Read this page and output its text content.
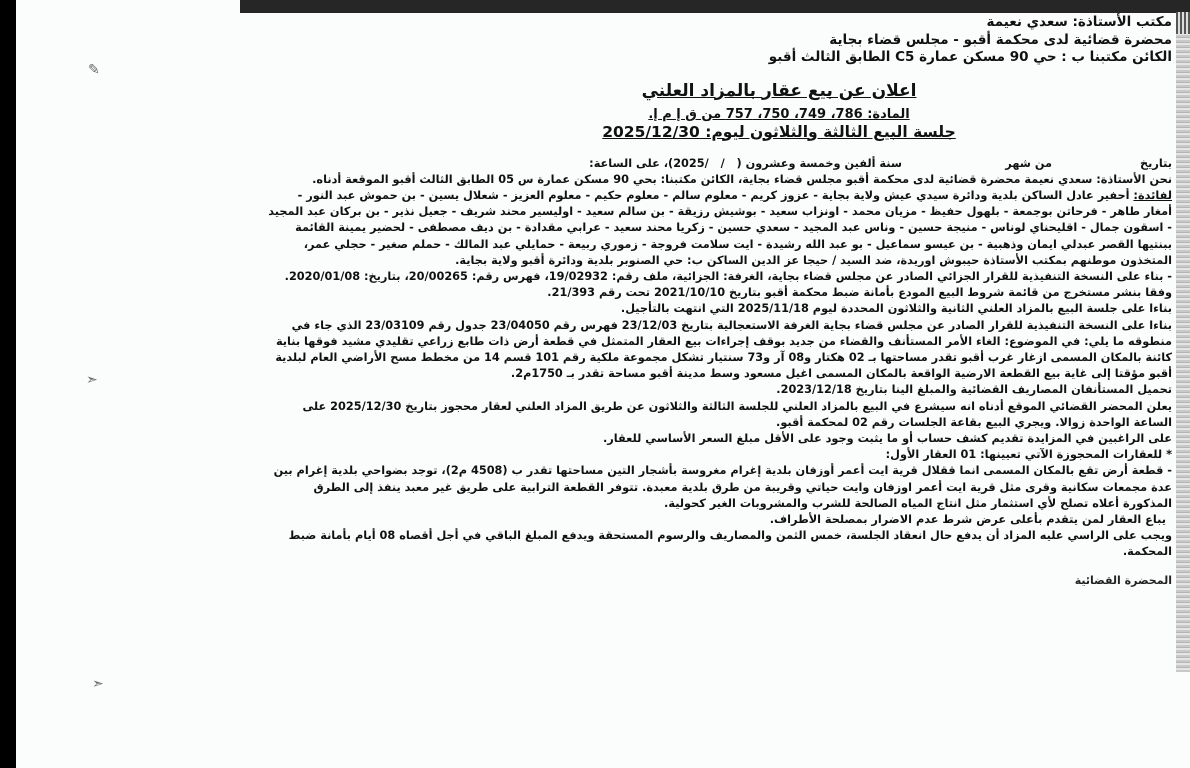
✎
➣
➣
مكتب الأستاذة: سعدي نعيمة
محضرة قضائية لدى محكمة أقبو - مجلس قضاء بجاية
الكائن مكتبنا ب : حي 90 مسكن عمارة C5 الطابق الثالث أقبو
اعلان عن بيع عقار بالمزاد العلني
المادة: 786، 749، 750، 757 من ق إ م إ.
جلسة البيع الثالثة والثلاثون ليوم: 2025/12/30
بتاريخ
من شهر
سنة ألفين وخمسة وعشرون (   /   /2025)، على الساعة:

نحن الأستاذة: سعدي نعيمة محضرة قضائية لدى محكمة أقبو مجلس قضاء بجاية، الكائن مكتبنا: بحي 90 مسكن عمارة س 05 الطابق الثالث أقبو الموقعة أدناه.

لفائدة: أحفير عادل الساكن بلدية ودائرة سيدي عيش ولاية بجاية - عزوز كريم - معلوم سالم - معلوم حكيم - معلوم العزيز - شعلال يسين - بن حموش عبد النور - أمغار طاهر - فرحاتن بوجمعة - بلهول حفيظ - مزيان محمد - اونزاب سعيد - بوشيش رزيقة - بن سالم سعيد - اوليسير محند شريف - جعيل نذير - بن بركان عبد المجيد - اسقون جمال - اقليحناي لوناس - منيجة حسين - وناس عبد المجيد - سعدي حسين - زكريا محند سعيد - عرابي مقدادة - بن ديف مصطفى - لحضير يمينة القائمة ببنتيها القصر عبدلي ايمان وذهبية - بن عيسو سماعيل - بو عبد الله رشيدة - ايت سلامت فروجة - زموري ربيعة - حمايلي عبد المالك - حملم صغير - حجلي عمر، المتخذون موطنهم بمكتب الأستاذة حيبوش اوريدة، ضد السيد / حيجا عز الدين الساكن ب: حي الصنوبر بلدية ودائرة أقبو ولاية بجاية.

- بناء على النسخة التنفيذية للقرار الجزائي الصادر عن مجلس قضاء بجاية، الغرفة: الجزائية، ملف رقم: 19/02932، فهرس رقم: 20/00265، بتاريخ: 2020/01/08.

وفقا بنشر مستخرج من قائمة شروط البيع المودع بأمانة ضبط محكمة أقبو بتاريخ 2021/10/10 تحت رقم 21/393.

بناءا على جلسة البيع بالمزاد العلني الثانية والثلاثون المحددة ليوم 2025/11/18 التي انتهت بالتأجيل.

بناءا على النسخة التنفيذية للقرار الصادر عن مجلس قضاء بجاية الغرفة الاستعجالية بتاريخ 23/12/03 فهرس رقم 23/04050 جدول رقم 23/03109 الذي جاء في منطوقه ما يلي: في الموضوع: الغاء الأمر المستأنف والقضاء من جديد بوقف إجراءات بيع العقار المتمثل في قطعة أرض ذات طابع زراعي تقليدي مشيد فوقها بناية كائنة بالمكان المسمى ازغار غرب أقبو تقدر مساحتها بـ 02 هكتار و08 آر و73 سنتيار تشكل مجموعة ملكية رقم 101 قسم 14 من مخطط مسح الأراضي العام لبلدية أقبو مؤقتا إلى غاية بيع القطعة الارضية الواقعة بالمكان المسمى اغيل مسعود وسط مدينة أقبو مساحة تقدر بـ 1750م2.

تحميل المستأنفان المصاريف القضائية والمبلغ الينا بتاريخ 2023/12/18.

يعلن المحضر القضائي الموقع أدناه انه سيشرع في البيع بالمزاد العلني للجلسة الثالثة والثلاثون عن طريق المزاد العلني لعقار محجوز بتاريخ 2025/12/30 على الساعة الواحدة زوالا. ويجري البيع بقاعة الجلسات رقم 02 لمحكمة أقبو.

على الراغبين في المزايدة تقديم كشف حساب أو ما يثبت وجود على الأقل مبلغ السعر الأساسي للعقار.

* للعقارات المحجوزة الآتي تعيينها: 01 العقار الأول:

- قطعة أرض تقع بالمكان المسمى انما ققلال قرية ايت أعمر أوزفان بلدية إغرام مغروسة بأشجار التين مساحتها تقدر ب (4508 م2)، توجد بضواحي بلدية إغرام بين عدة مجمعات سكانية وقرى مثل قرية ايت أعمر اوزفان وايت حياتي وقريبة من طرق بلدية معبدة. تتوفر القطعة الترابية على طريق غير معبد ينفذ إلى الطرق المذكورة أعلاه تصلح لأي استثمار مثل انتاج المياه الصالحة للشرب والمشروبات الغير كحولية.

يباع العقار لمن يتقدم بأعلى عرض شرط عدم الاضرار بمصلحة الأطراف.

ويجب على الراسي عليه المزاد أن يدفع حال انعقاد الجلسة، خمس الثمن والمصاريف والرسوم المستحقة ويدفع المبلغ الباقي في أجل أقصاه 08 أيام بأمانة ضبط المحكمة.

المحضرة القضائية
